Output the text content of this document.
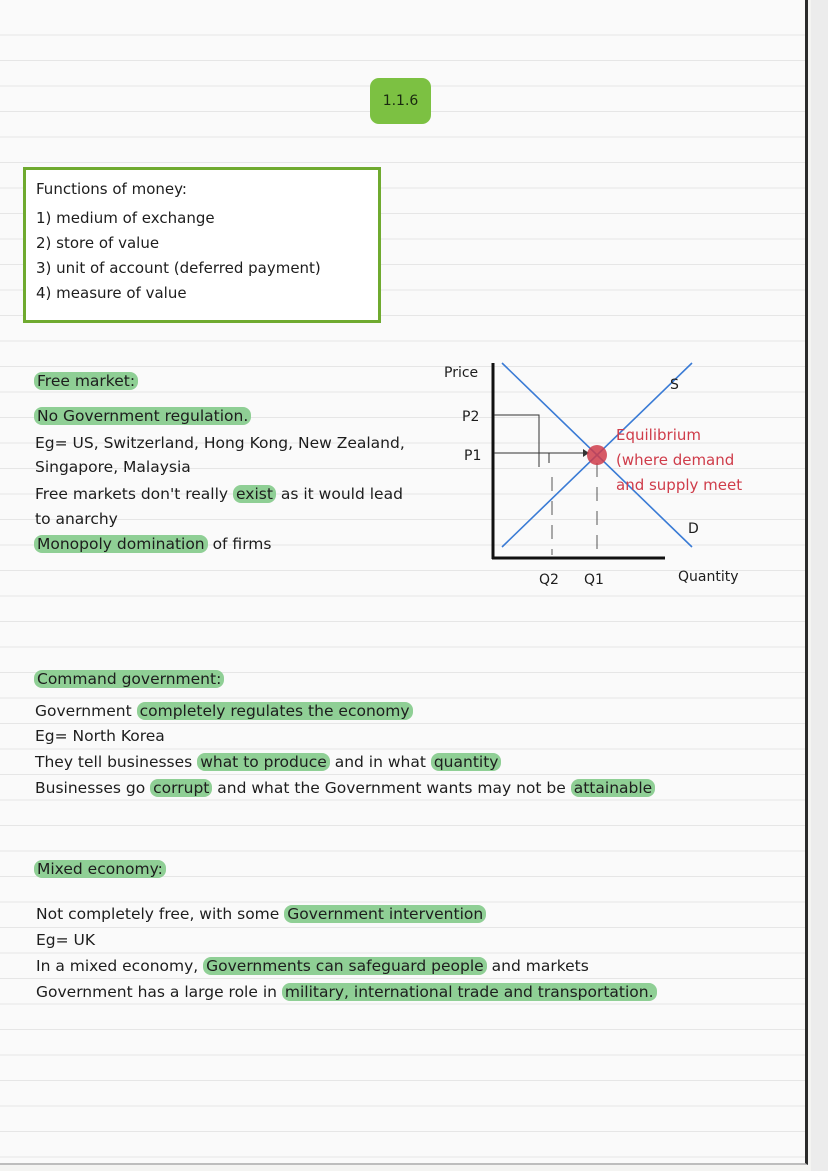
1.1.6
Functions of money:
1) medium of exchange
2) store of value
3) unit of account (deferred payment)
4) measure of value
Free market:
No Government regulation.
Eg= US, Switzerland, Hong Kong, New Zealand,
Singapore, Malaysia
Free markets don't really exist as it would lead
to anarchy
Monopoly domination of firms
Price
Quantity
S
D
P2
P1
Q2 Q1
Equilibrium
(where demand
and supply meet
Command government:
Government completely regulates the economy
Eg= North Korea
They tell businesses what to produce and in what quantity
Businesses go corrupt and what the Government wants may not be attainable
Mixed economy:
Not completely free, with some Government intervention
Eg= UK
In a mixed economy, Governments can safeguard people and markets
Government has a large role in military, international trade and transportation.
